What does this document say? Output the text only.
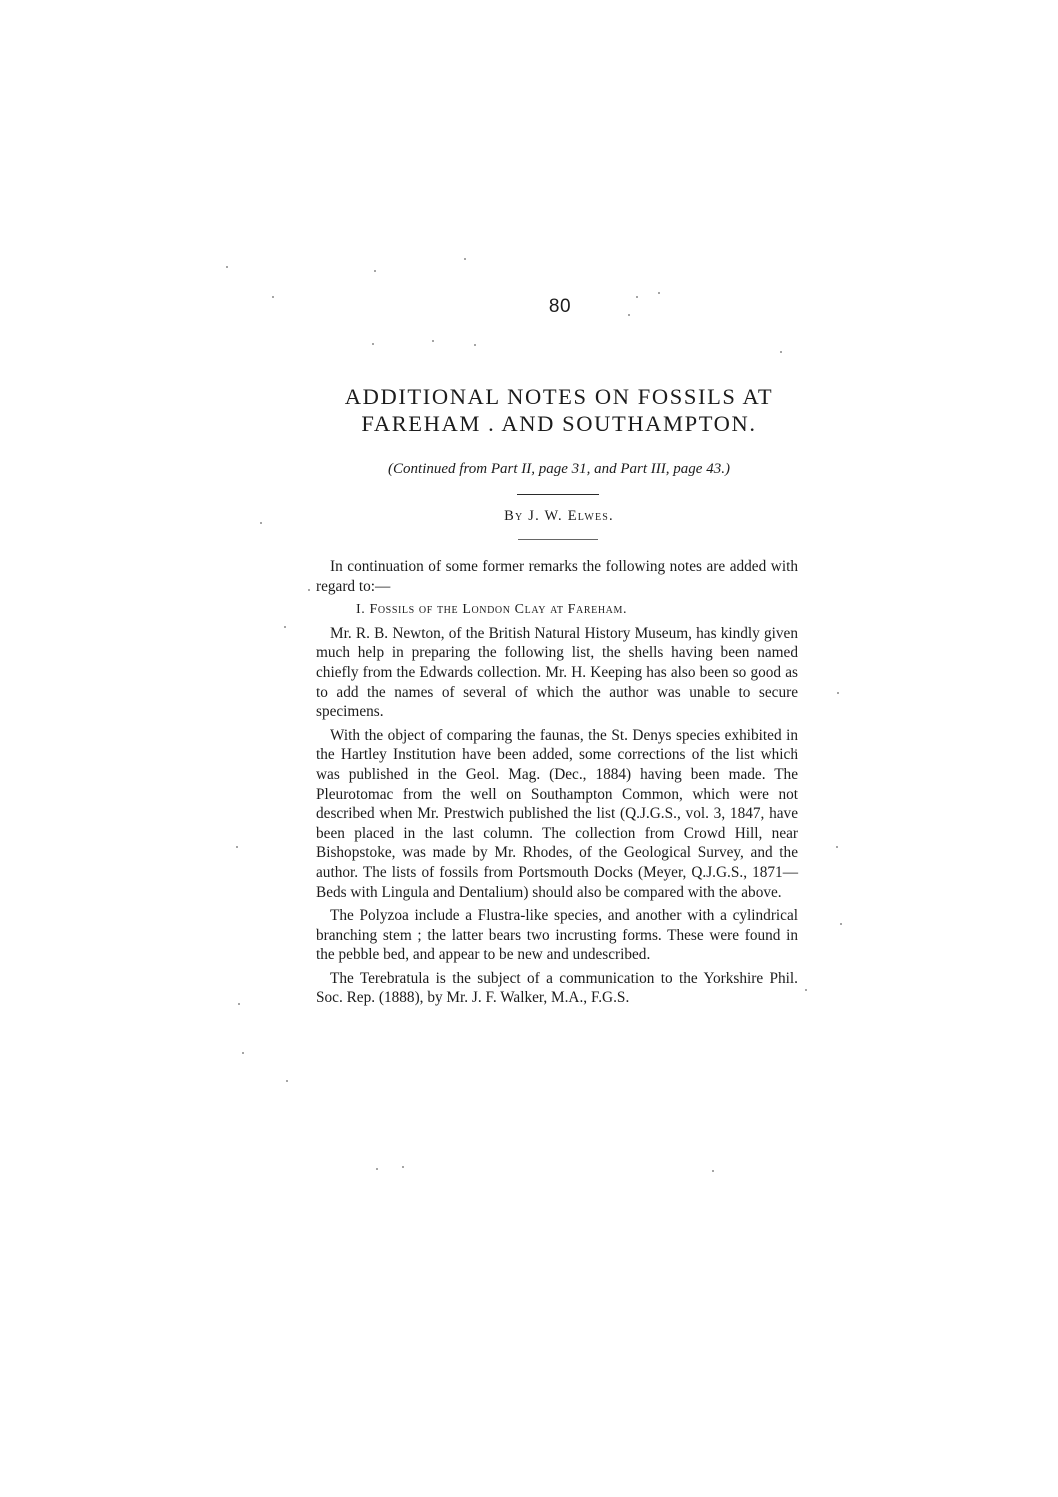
80
ADDITIONAL NOTES ON FOSSILS AT
FAREHAM . AND SOUTHAMPTON.
(Continued from Part II, page 31, and Part III, page 43.)
By J. W. Elwes.

In continuation of some former remarks the following notes are added with regard to:—

I. Fossils of the London Clay at Fareham.

Mr. R. B. Newton, of the British Natural History Museum, has kindly given much help in preparing the following list, the shells having been named chiefly from the Edwards collection. Mr. H. Keeping has also been so good as to add the names of several of which the author was unable to secure specimens.

With the object of comparing the faunas, the St. Denys species exhibited in the Hartley Institution have been added, some corrections of the list which was published in the Geol. Mag. (Dec., 1884) having been made. The Pleurotomac from the well on Southampton Common, which were not described when Mr. Prestwich published the list (Q.J.G.S., vol. 3, 1847, have been placed in the last column. The collection from Crowd Hill, near Bishopstoke, was made by Mr. Rhodes, of the Geological Survey, and the author. The lists of fossils from Portsmouth Docks (Meyer, Q.J.G.S., 1871—Beds with Lingula and Dentalium) should also be compared with the above.

The Polyzoa include a Flustra-like species, and another with a cylindrical branching stem ; the latter bears two incrusting forms. These were found in the pebble bed, and appear to be new and undescribed.

The Terebratula is the subject of a communication to the Yorkshire Phil. Soc. Rep. (1888), by Mr. J. F. Walker, M.A., F.G.S.
